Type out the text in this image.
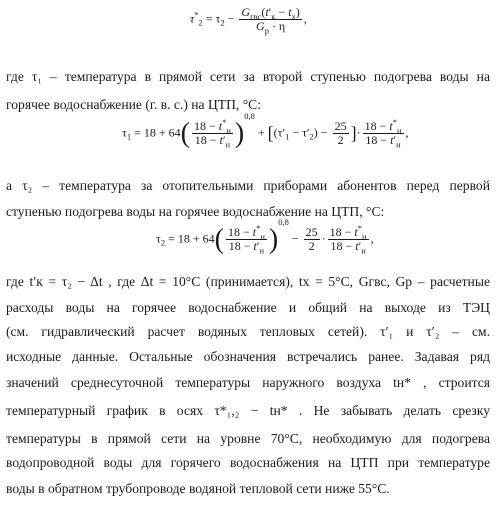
$\tau^*_2 = \tau_2 - \frac{G_{гвс}(t'_к - t_х)}{G_р \cdot \eta}$ ,
где τ₁ – температура в прямой сети за второй ступенью подогрева воды на
горячее водоснабжение (г. в. с.) на ЦТП, °С:
$\tau_1 = 18 + 64( \frac{18 - t^*_н}{18 - t'_н} )^{0,8} + [(\tau'_1 - \tau'_2) - \frac{25}{2}$ ]· $\frac{18 - t^*_н}{18 - t'_н}$ ,
а τ₂ – температура за отопительными приборами абонентов перед первой
ступенью подогрева воды на горячее водоснабжение на ЦТП, °С:
$\tau_2 = 18 + 64( \frac{18 - t^*_н}{18 - t'_н} )^{0,8} - \frac{25}{2} \cdot \frac{18 - t^*_н}{18 - t'_н}$ ,
где t′к = τ₂ − Δt , где Δt = 10°С (принимается), tх = 5°С, Gгвс, Gр – расчетные
расходы воды на горячее водоснабжение и общий на выходе из ТЭЦ
(см. гидравлический расчет водяных тепловых сетей). τ′₁ и τ′₂ – см.
исходные данные. Остальные обозначения встречались ранее. Задавая ряд
значений среднесуточной температуры наружного воздуха tн* , строится
температурный график в осях τ*₁,₂ − tн* . Не забывать делать срезку
температуры в прямой сети на уровне 70°С, необходимую для подогрева
водопроводной воды для горячего водоснабжения на ЦТП при температуре
воды в обратном трубопроводе водяной тепловой сети ниже 55°С.
